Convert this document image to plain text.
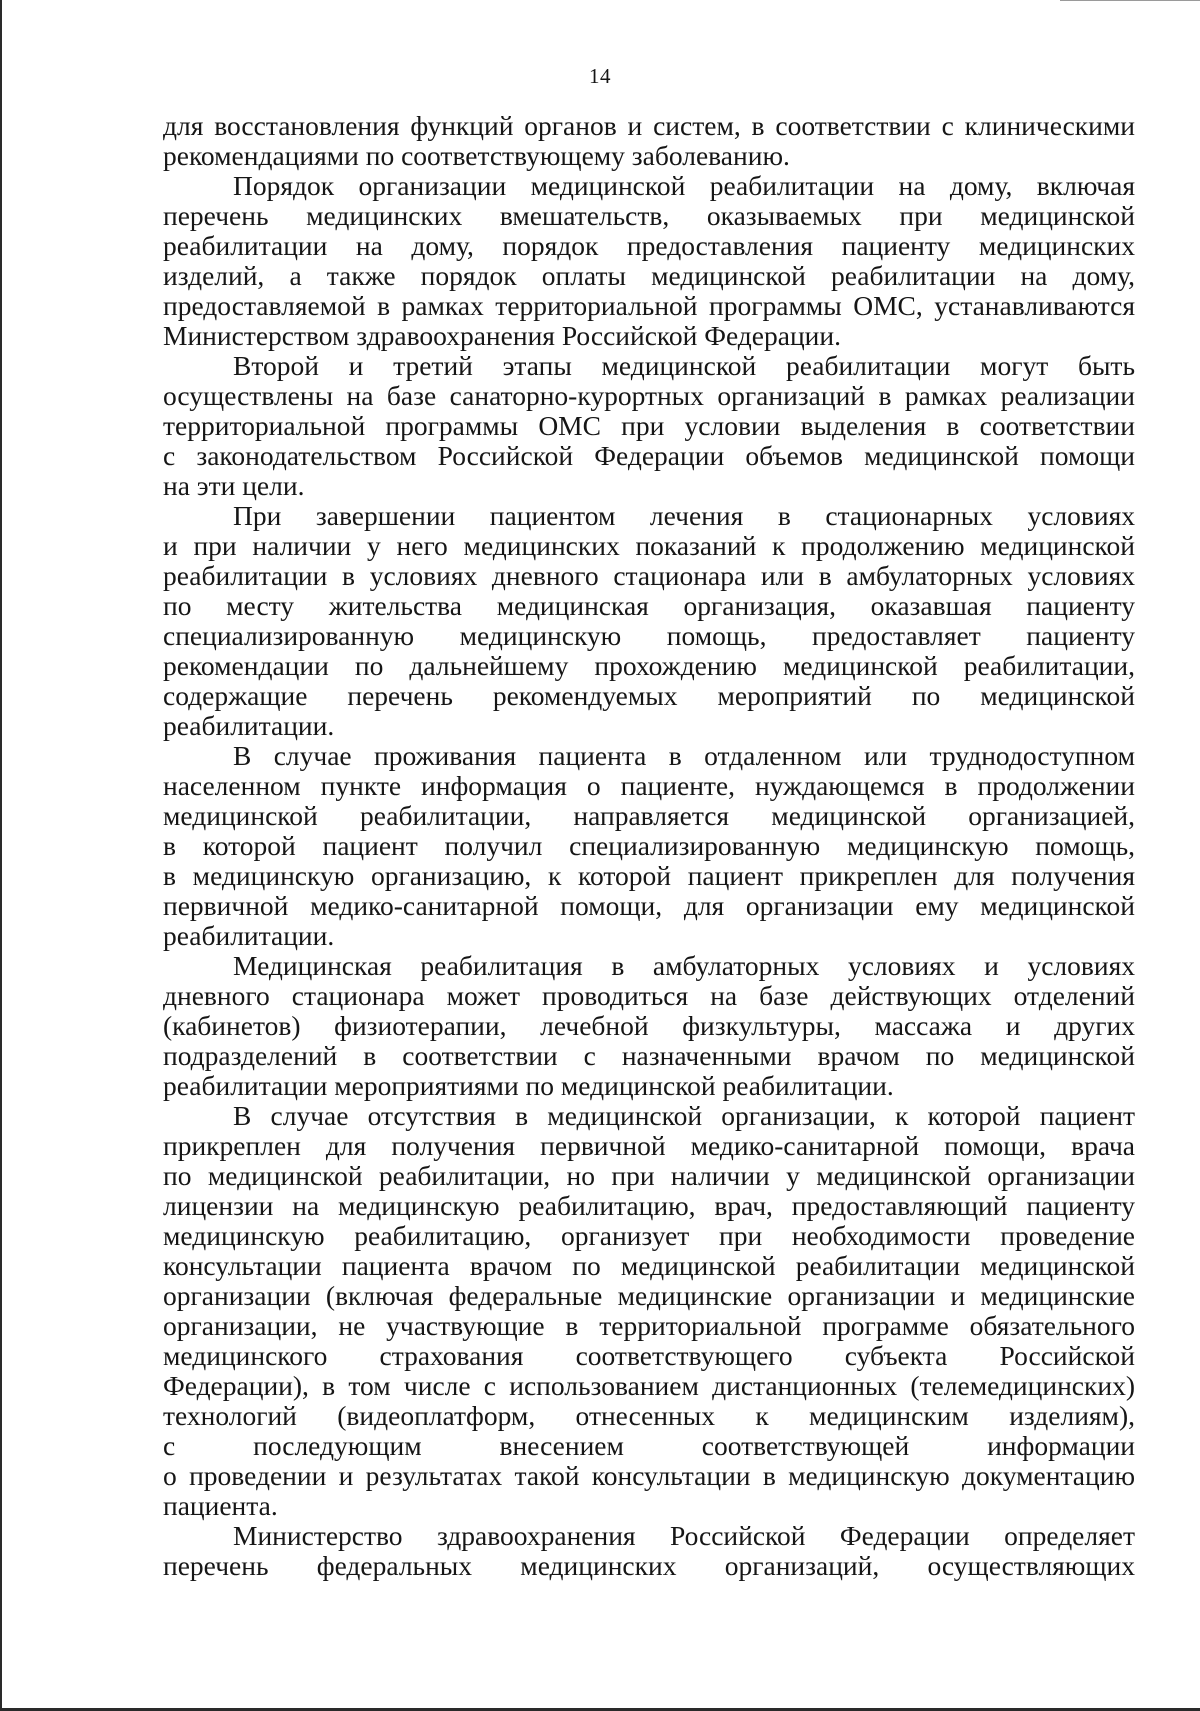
14

для восстановления функций органов и систем, в соответствии с клиническими
рекомендациями по соответствующему заболеванию.

Порядок организации медицинской реабилитации на дому, включая
перечень медицинских вмешательств, оказываемых при медицинской
реабилитации на дому, порядок предоставления пациенту медицинских
изделий, а также порядок оплаты медицинской реабилитации на дому,
предоставляемой в рамках территориальной программы ОМС, устанавливаются
Министерством здравоохранения Российской Федерации.

Второй и третий этапы медицинской реабилитации могут быть
осуществлены на базе санаторно-курортных организаций в рамках реализации
территориальной программы ОМС при условии выделения в соответствии
с законодательством Российской Федерации объемов медицинской помощи
на эти цели.

При завершении пациентом лечения в стационарных условиях
и при наличии у него медицинских показаний к продолжению медицинской
реабилитации в условиях дневного стационара или в амбулаторных условиях
по месту жительства медицинская организация, оказавшая пациенту
специализированную медицинскую помощь, предоставляет пациенту
рекомендации по дальнейшему прохождению медицинской реабилитации,
содержащие перечень рекомендуемых мероприятий по медицинской
реабилитации.

В случае проживания пациента в отдаленном или труднодоступном
населенном пункте информация о пациенте, нуждающемся в продолжении
медицинской реабилитации, направляется медицинской организацией,
в которой пациент получил специализированную медицинскую помощь,
в медицинскую организацию, к которой пациент прикреплен для получения
первичной медико-санитарной помощи, для организации ему медицинской
реабилитации.

Медицинская реабилитация в амбулаторных условиях и условиях
дневного стационара может проводиться на базе действующих отделений
(кабинетов) физиотерапии, лечебной физкультуры, массажа и других
подразделений в соответствии с назначенными врачом по медицинской
реабилитации мероприятиями по медицинской реабилитации.

В случае отсутствия в медицинской организации, к которой пациент
прикреплен для получения первичной медико-санитарной помощи, врача
по медицинской реабилитации, но при наличии у медицинской организации
лицензии на медицинскую реабилитацию, врач, предоставляющий пациенту
медицинскую реабилитацию, организует при необходимости проведение
консультации пациента врачом по медицинской реабилитации медицинской
организации (включая федеральные медицинские организации и медицинские
организации, не участвующие в территориальной программе обязательного
медицинского страхования соответствующего субъекта Российской
Федерации), в том числе с использованием дистанционных (телемедицинских)
технологий (видеоплатформ, отнесенных к медицинским изделиям),
с последующим внесением соответствующей информации
о проведении и результатах такой консультации в медицинскую документацию
пациента.

Министерство здравоохранения Российской Федерации определяет
перечень федеральных медицинских организаций, осуществляющих
